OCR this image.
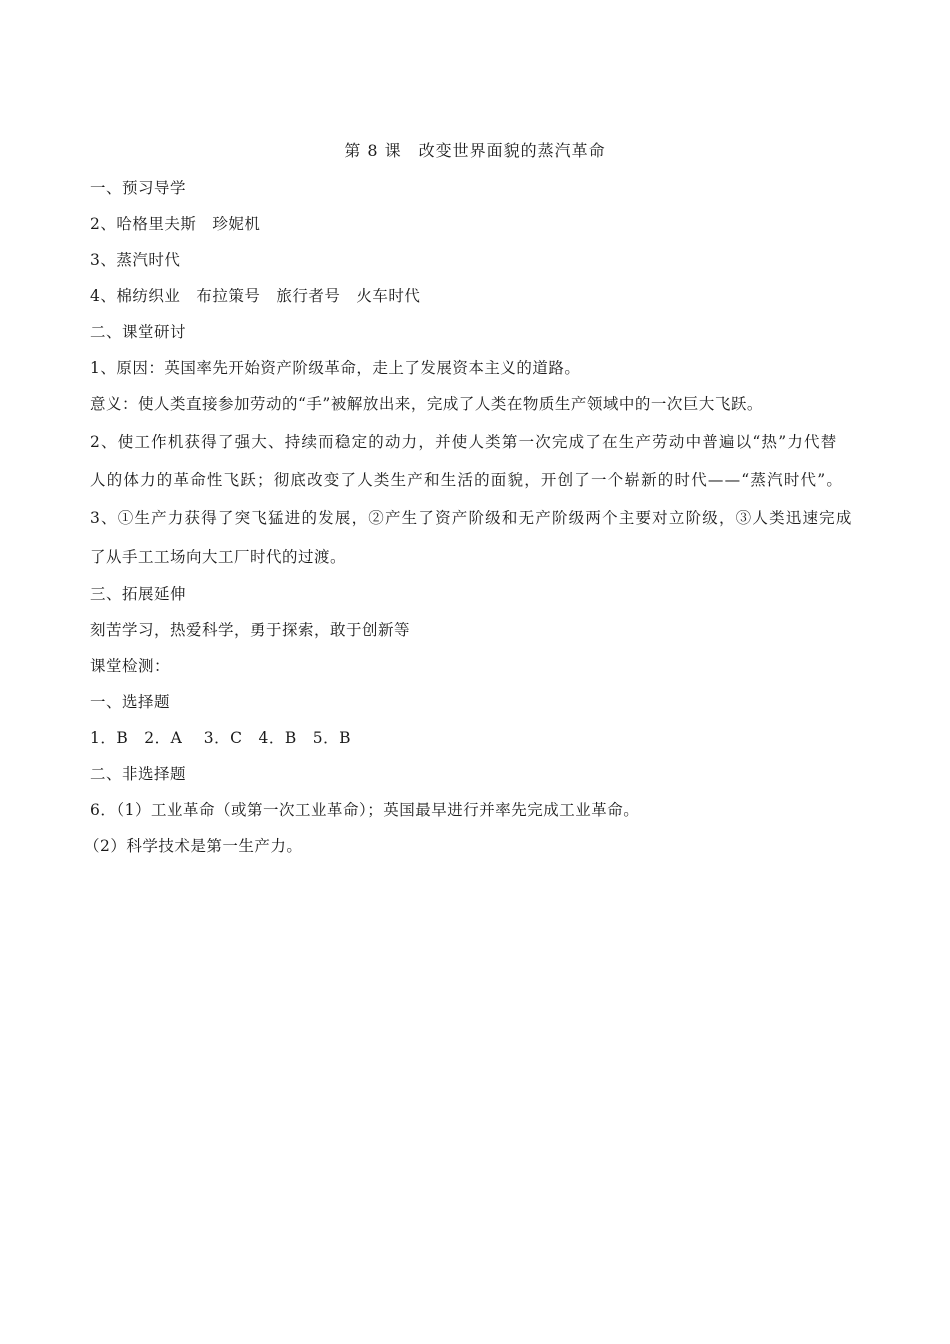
第 8 课　改变世界面貌的蒸汽革命
一、预习导学
2、哈格里夫斯　珍妮机
3、蒸汽时代
4、棉纺织业　布拉策号　旅行者号　火车时代
二、课堂研讨
1、原因：英国率先开始资产阶级革命，走上了发展资本主义的道路。
意义：使人类直接参加劳动的“手”被解放出来，完成了人类在物质生产领域中的一次巨大飞跃。
2、使工作机获得了强大、持续而稳定的动力，并使人类第一次完成了在生产劳动中普遍以“热”力代替
人的体力的革命性飞跃；彻底改变了人类生产和生活的面貌，开创了一个崭新的时代——“蒸汽时代”。
3、①生产力获得了突飞猛进的发展，②产生了资产阶级和无产阶级两个主要对立阶级，③人类迅速完成
了从手工工场向大工厂时代的过渡。
三、拓展延伸
刻苦学习，热爱科学，勇于探索，敢于创新等
课堂检测：
一、选择题
1．B　2．A　 3．C　4．B　5．B
二、非选择题
6．（1）工业革命（或第一次工业革命）；英国最早进行并率先完成工业革命。
（2）科学技术是第一生产力。
